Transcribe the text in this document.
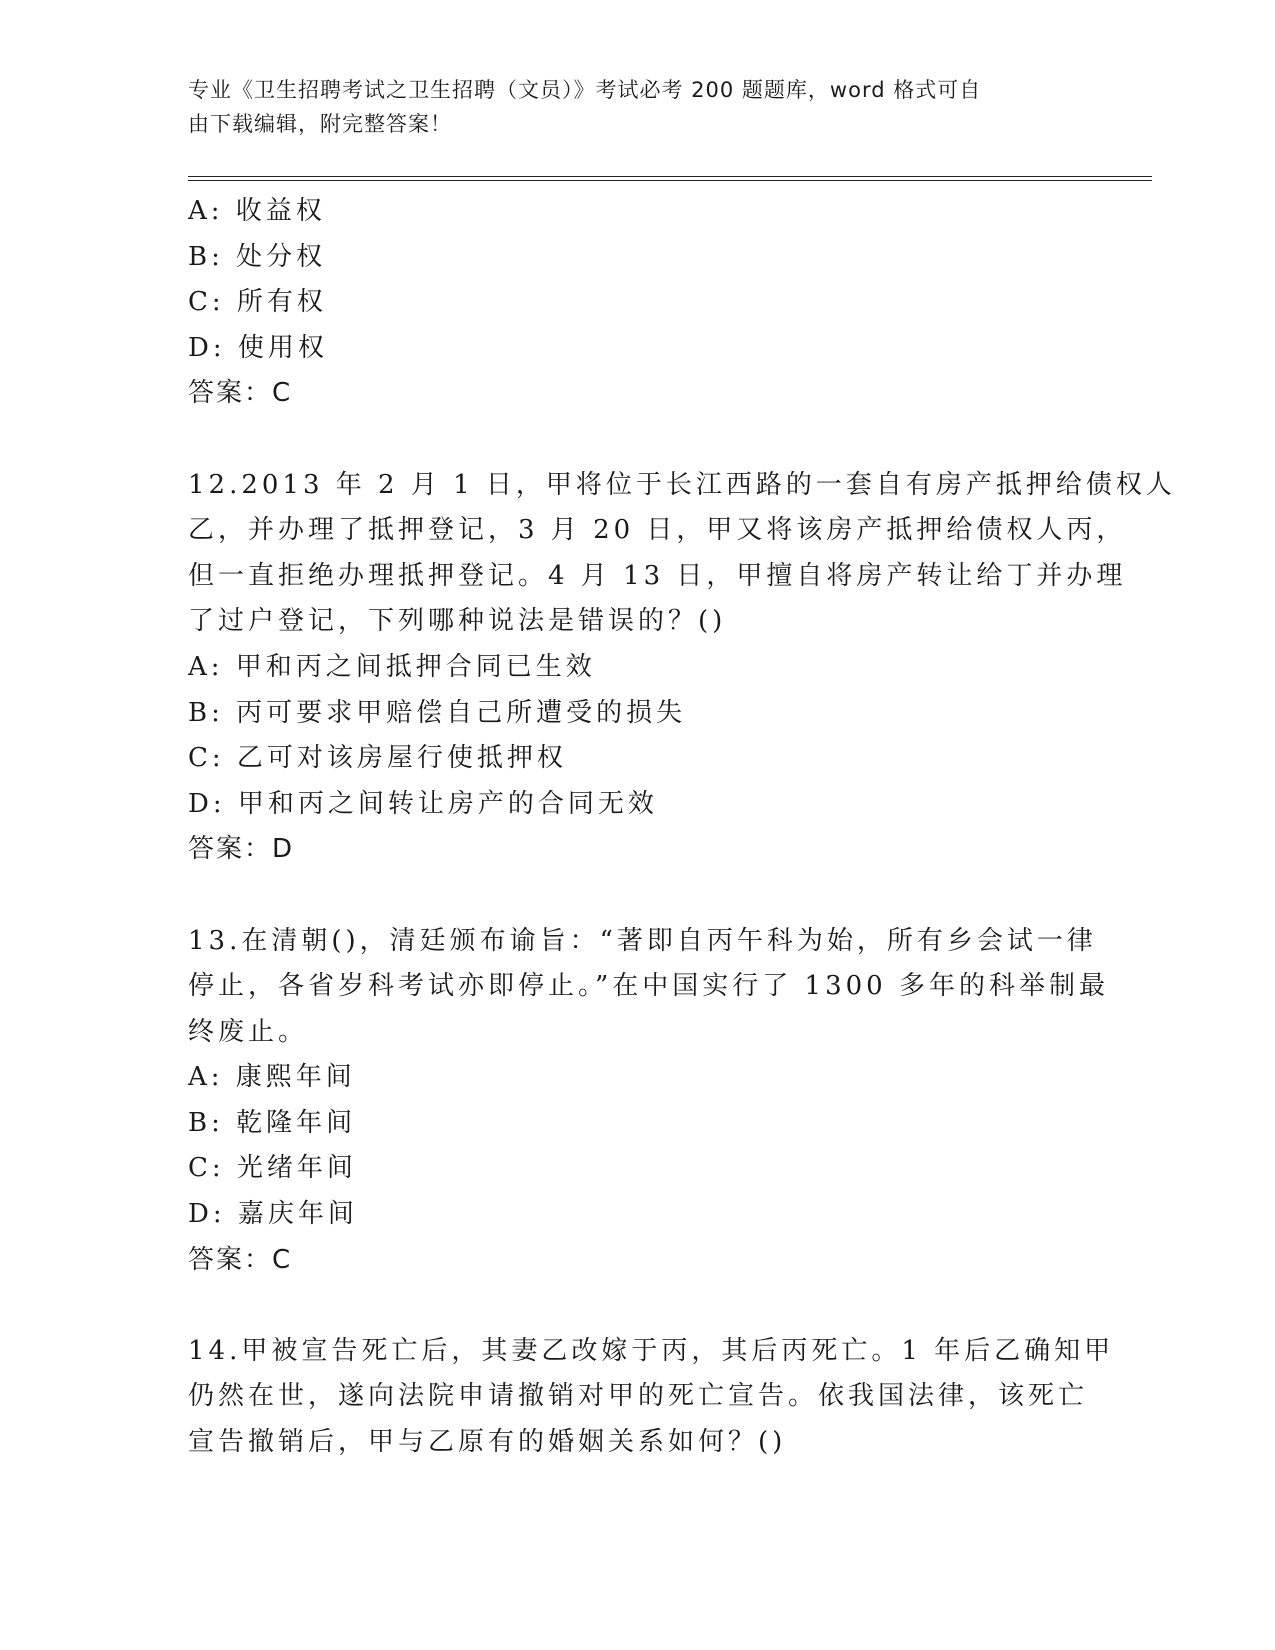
专业《卫生招聘考试之卫生招聘（文员）》考试必考 200 题题库，word 格式可自
由下载编辑，附完整答案！
A: 收益权
B: 处分权
C: 所有权
D: 使用权
答案：C
12.2013 年 2 月 1 日，甲将位于长江西路的一套自有房产抵押给债权人
乙，并办理了抵押登记，3 月 20 日，甲又将该房产抵押给债权人丙，
但一直拒绝办理抵押登记。4 月 13 日，甲擅自将房产转让给丁并办理
了过户登记，下列哪种说法是错误的？()
A: 甲和丙之间抵押合同已生效
B: 丙可要求甲赔偿自己所遭受的损失
C: 乙可对该房屋行使抵押权
D: 甲和丙之间转让房产的合同无效
答案：D
13.在清朝()，清廷颁布谕旨：“著即自丙午科为始，所有乡会试一律
停止，各省岁科考试亦即停止。”在中国实行了 1300 多年的科举制最
终废止。
A: 康熙年间
B: 乾隆年间
C: 光绪年间
D: 嘉庆年间
答案：C
14.甲被宣告死亡后，其妻乙改嫁于丙，其后丙死亡。1 年后乙确知甲
仍然在世，遂向法院申请撤销对甲的死亡宣告。依我国法律，该死亡
宣告撤销后，甲与乙原有的婚姻关系如何？()
